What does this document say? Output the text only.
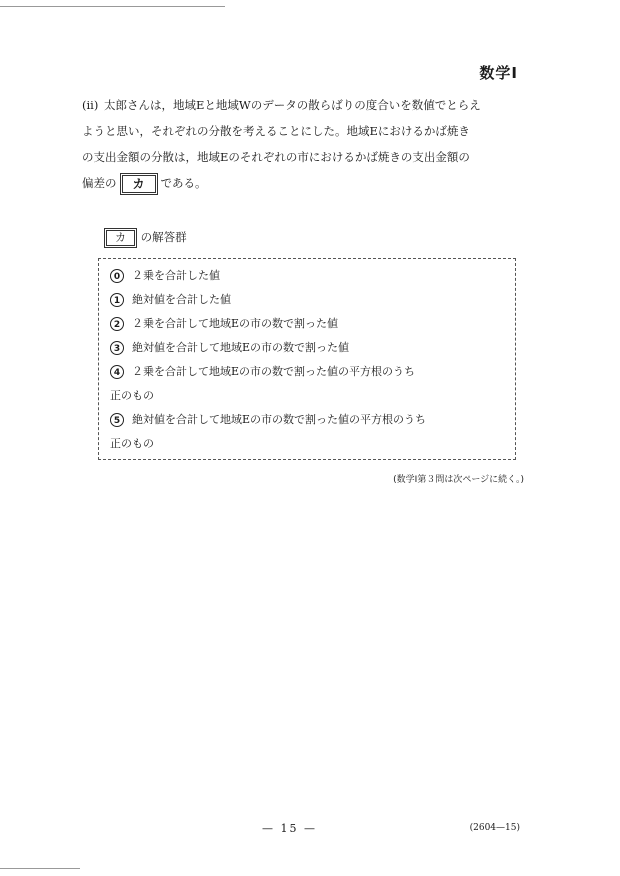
数学Ⅰ
(ii) 太郎さんは，地域Eと地域Wのデータの散らばりの度合いを数値でとらえ
ようと思い，それぞれの分散を考えることにした。地域Eにおけるかば焼き
の支出金額の分散は，地域Eのそれぞれの市におけるかば焼きの支出金額の
偏差の カ である。
カ の解答群
0 ２乗を合計した値
1 絶対値を合計した値
2 ２乗を合計して地域Eの市の数で割った値
3 絶対値を合計して地域Eの市の数で割った値
4 ２乗を合計して地域Eの市の数で割った値の平方根のうち
正のもの
5 絶対値を合計して地域Eの市の数で割った値の平方根のうち
正のもの
(数学Ⅰ第３問は次ページに続く。)
— 15 —	(2604—15)
